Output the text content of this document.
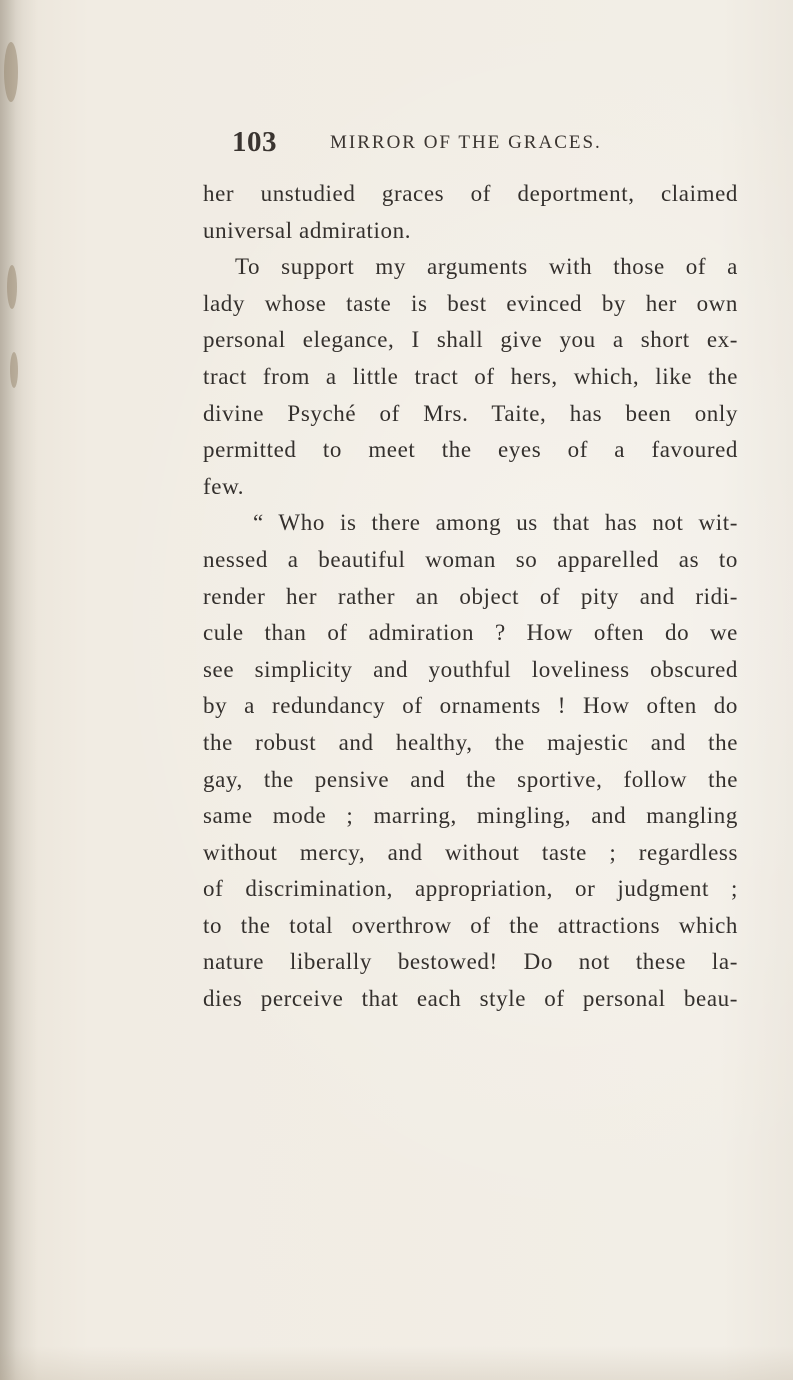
103	MIRROR OF THE GRACES.
her unstudied graces of deportment, claimed
universal admiration.
To support my arguments with those of a
lady whose taste is best evinced by her own
personal elegance, I shall give you a short ex-
tract from a little tract of hers, which, like the
divine Psyché of Mrs. Taite, has been only
permitted to meet the eyes of a favoured
few.
“ Who is there among us that has not wit-
nessed a beautiful woman so apparelled as to
render her rather an object of pity and ridi-
cule than of admiration ? How often do we
see simplicity and youthful loveliness obscured
by a redundancy of ornaments ! How often do
the robust and healthy, the majestic and the
gay, the pensive and the sportive, follow the
same mode ; marring, mingling, and mangling
without mercy, and without taste ; regardless
of discrimination, appropriation, or judgment ;
to the total overthrow of the attractions which
nature liberally bestowed! Do not these la-
dies perceive that each style of personal beau-
